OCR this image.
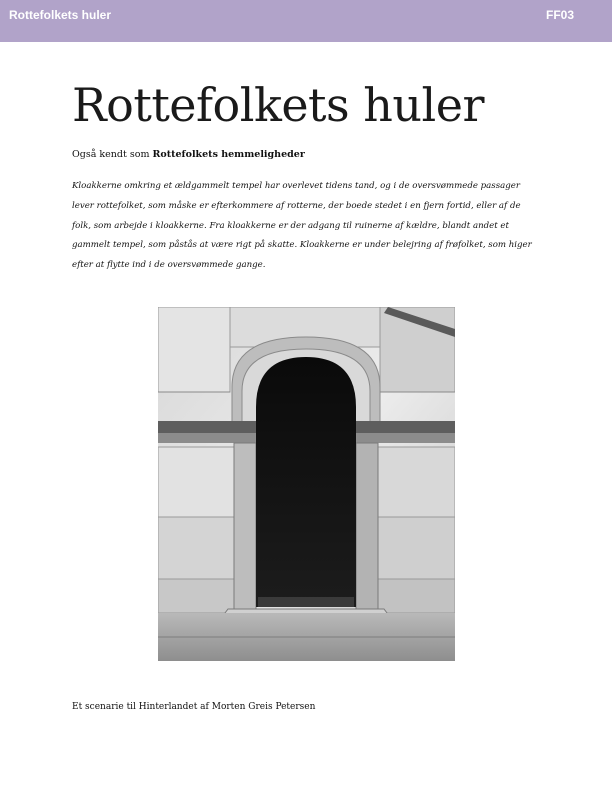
Rottefolkets huler	FF03
Rottefolkets huler
Også kendt som Rottefolkets hemmeligheder

Kloakkerne omkring et ældgammelt tempel har overlevet tidens tand, og i de oversvømmede passager lever rottefolket, som måske er efterkommere af rotterne, der boede stedet i en fjern fortid, eller af de folk, som arbejde i kloakkerne. Fra kloakkerne er der adgang til ruinerne af kældre, blandt andet et gammelt tempel, som påstås at være rigt på skatte. Kloakkerne er under belejring af frøfolket, som higer efter at flytte ind i de oversvømmede gange.

Et scenarie til Hinterlandet af Morten Greis Petersen
